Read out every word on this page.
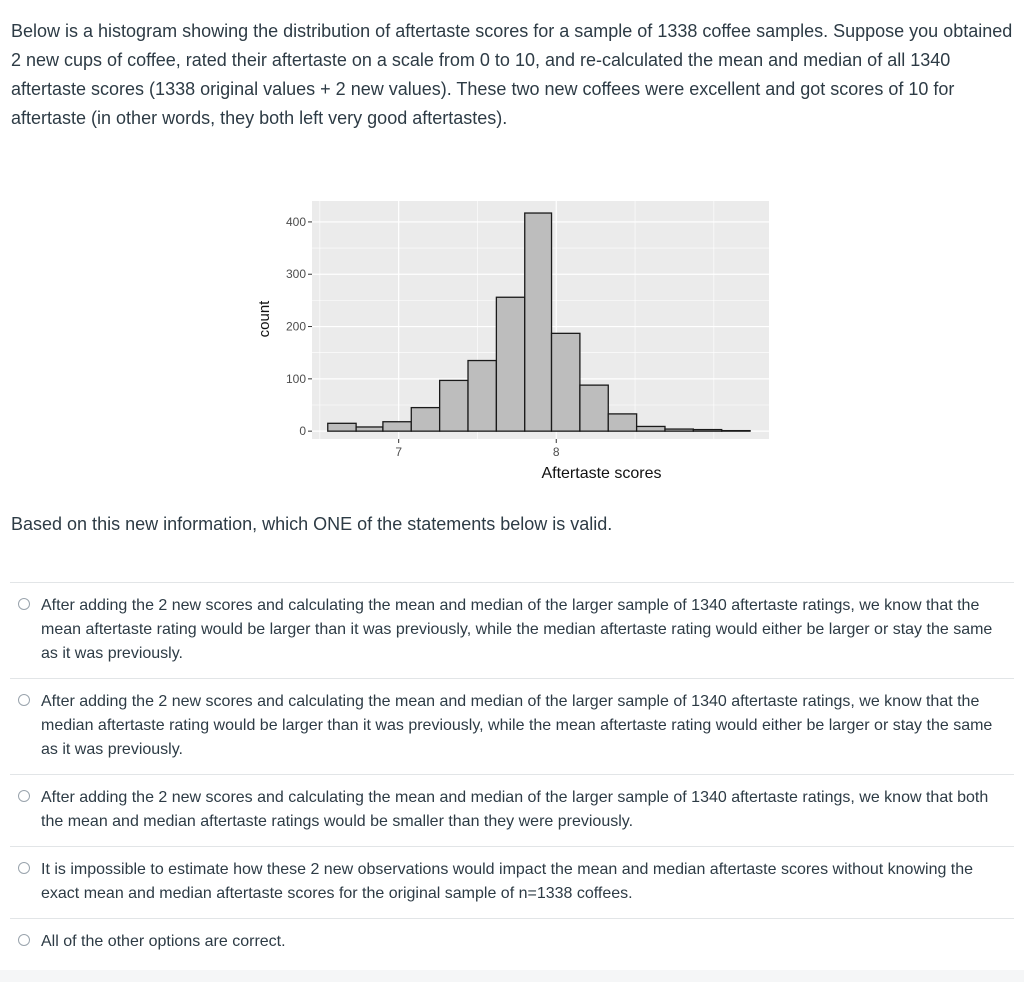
Below is a histogram showing the distribution of aftertaste scores for a sample of 1338 coffee samples. Suppose you obtained 2 new cups of coffee, rated their aftertaste on a scale from 0 to 10, and re-calculated the mean and median of all 1340 aftertaste scores (1338 original values + 2 new values). These two new coffees were excellent and got scores of 10 for aftertaste (in other words, they both left very good aftertastes).

0
100
200
300
400
7	8
Aftertaste scores
count

Based on this new information, which ONE of the statements below is valid.

After adding the 2 new scores and calculating the mean and median of the larger sample of 1340 aftertaste ratings, we know that the mean aftertaste rating would be larger than it was previously, while the median aftertaste rating would either be larger or stay the same as it was previously.
After adding the 2 new scores and calculating the mean and median of the larger sample of 1340 aftertaste ratings, we know that the median aftertaste rating would be larger than it was previously, while the mean aftertaste rating would either be larger or stay the same as it was previously.
After adding the 2 new scores and calculating the mean and median of the larger sample of 1340 aftertaste ratings, we know that both the mean and median aftertaste ratings would be smaller than they were previously.
It is impossible to estimate how these 2 new observations would impact the mean and median aftertaste scores without knowing the exact mean and median aftertaste scores for the original sample of n=1338 coffees.
All of the other options are correct.
